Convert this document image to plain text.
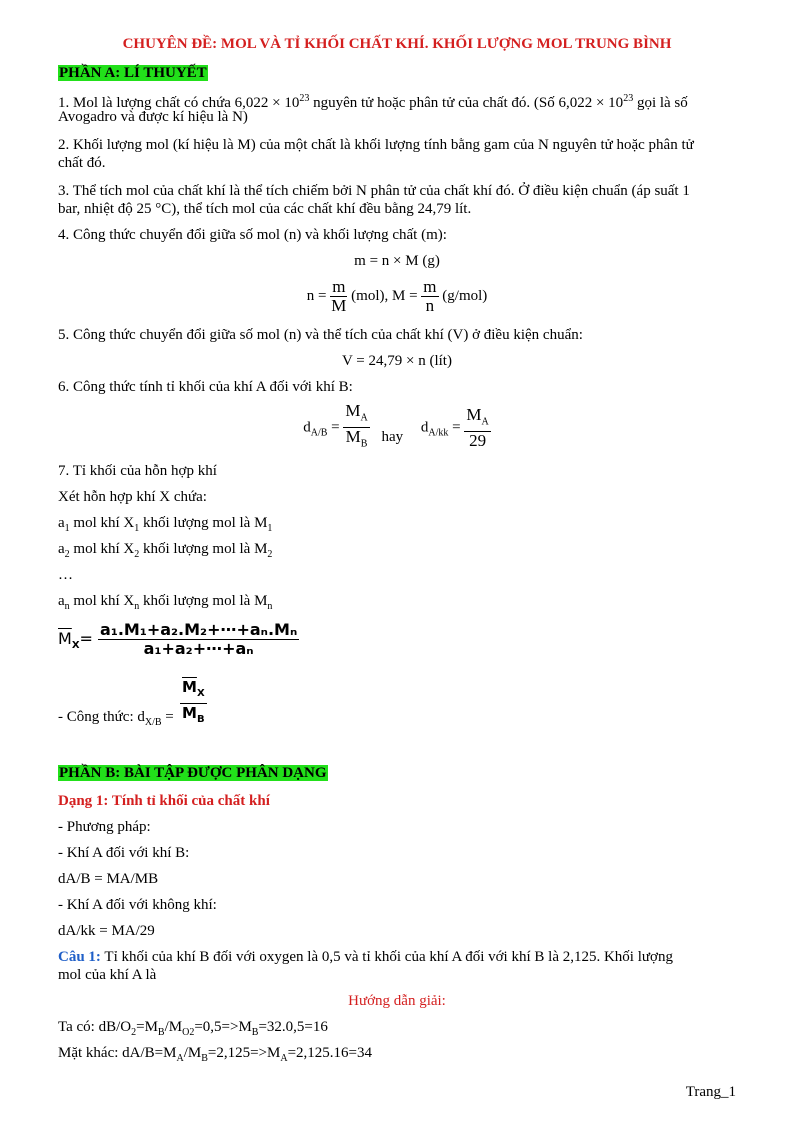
CHUYÊN ĐỀ: MOL VÀ TỈ KHỐI CHẤT KHÍ. KHỐI LƯỢNG MOL TRUNG BÌNH
PHẦN A: LÍ THUYẾT
1. Mol là lượng chất có chứa $6,022 \times 10^{23}$ nguyên tử hoặc phân tử của chất đó. (Số $6,022 \times 10^{23}$ gọi là số
Avogadro và được kí hiệu là N)
2. Khối lượng mol (kí hiệu là M) của một chất là khối lượng tính bằng gam của N nguyên tử hoặc phân tử
chất đó.
3. Thể tích mol của chất khí là thể tích chiếm bởi N phân tử của chất khí đó. Ở điều kiện chuẩn (áp suất 1
bar, nhiệt độ 25 °C), thể tích mol của các chất khí đều bằng 24,79 lít.
4. Công thức chuyển đổi giữa số mol (n) và khối lượng chất (m):
m = n × M (g)
$n = \frac{m}{M} (mol)$, $M = \frac{m}{n} (g/mol)$
5. Công thức chuyển đổi giữa số mol (n) và thể tích của chất khí (V) ở điều kiện chuẩn:
V = 24,79 × n (lít)
6. Công thức tính tỉ khối của khí A đối với khí B:
$d_{A/B} = \frac{M_A}{M_B}$ hay $d_{A/kk} = \frac{M_A}{29}$
7. Tỉ khối của hỗn hợp khí
Xét hỗn hợp khí X chứa:
$a_1$ mol khí $X_1$ khối lượng mol là $M_1$
$a_2$ mol khí $X_2$ khối lượng mol là $M_2$
…
$a_n$ mol khí $X_n$ khối lượng mol là $M_n$
$\overline{M}_X= \frac{\text{a₁.M₁+a₂.M₂+⋯+aₙ.Mₙ}}{\text{a₁+a₂+⋯+aₙ}}$
- Công thức: $d_{X/B} = \frac{\overline{M}_X}{M_B}$
PHẦN B: BÀI TẬP ĐƯỢC PHÂN DẠNG
Dạng 1: Tính tỉ khối của chất khí
- Phương pháp:
- Khí A đối với khí B:
dA/B = MA/MB
- Khí A đối với không khí:
dA/kk = MA/29
Câu 1: Tỉ khối của khí B đối với oxygen là 0,5 và tỉ khối của khí A đối với khí B là 2,125. Khối lượng
mol của khí A là
Hướng dẫn giải:
Ta có: $dB/O_2=M_B/M_{O2}=0,5=>M_B=32.0,5=16$
Mặt khác: $dA/B=M_A/M_B=2,125=>M_A=2,125.16=34$
Trang_1
